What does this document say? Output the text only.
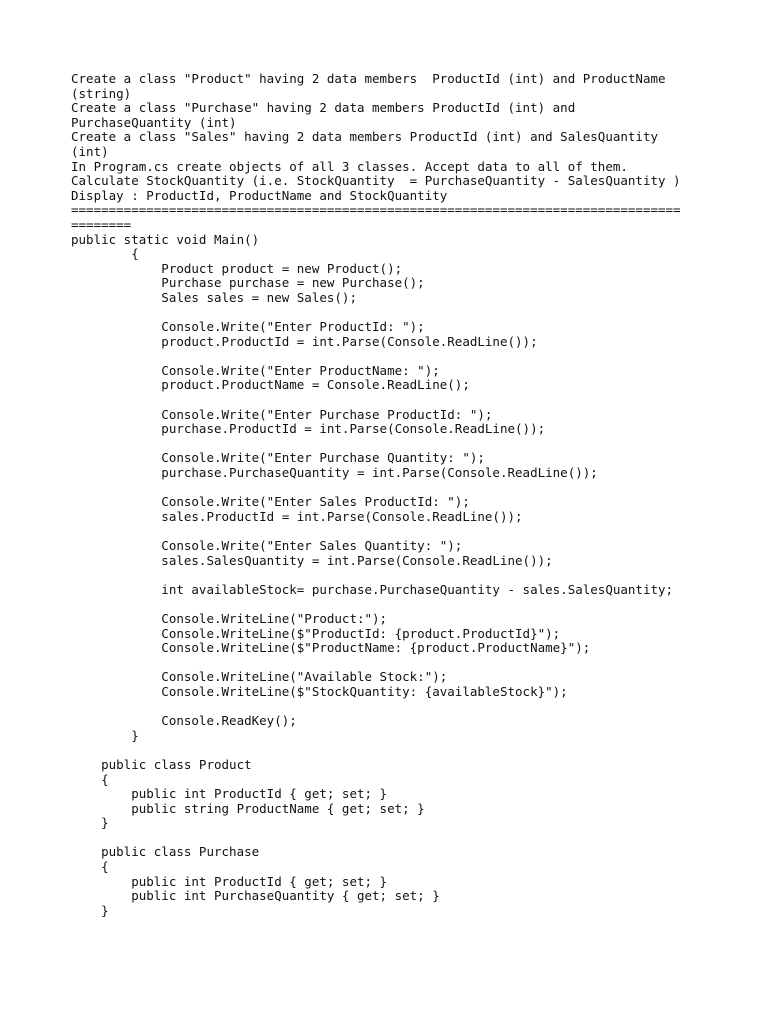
Create a class "Product" having 2 data members  ProductId (int) and ProductName
(string)
Create a class "Purchase" having 2 data members ProductId (int) and
PurchaseQuantity (int)
Create a class "Sales" having 2 data members ProductId (int) and SalesQuantity
(int)
In Program.cs create objects of all 3 classes. Accept data to all of them.
Calculate StockQuantity (i.e. StockQuantity  = PurchaseQuantity - SalesQuantity )
Display : ProductId, ProductName and StockQuantity
=================================================================================
========
public static void Main()
{
Product product = new Product();
Purchase purchase = new Purchase();
Sales sales = new Sales();
Console.Write("Enter ProductId: ");
product.ProductId = int.Parse(Console.ReadLine());
Console.Write("Enter ProductName: ");
product.ProductName = Console.ReadLine();
Console.Write("Enter Purchase ProductId: ");
purchase.ProductId = int.Parse(Console.ReadLine());
Console.Write("Enter Purchase Quantity: ");
purchase.PurchaseQuantity = int.Parse(Console.ReadLine());
Console.Write("Enter Sales ProductId: ");
sales.ProductId = int.Parse(Console.ReadLine());
Console.Write("Enter Sales Quantity: ");
sales.SalesQuantity = int.Parse(Console.ReadLine());
int availableStock= purchase.PurchaseQuantity - sales.SalesQuantity;
Console.WriteLine("Product:");
Console.WriteLine($"ProductId: {product.ProductId}");
Console.WriteLine($"ProductName: {product.ProductName}");
Console.WriteLine("Available Stock:");
Console.WriteLine($"StockQuantity: {availableStock}");
Console.ReadKey();
}
public class Product
{
public int ProductId { get; set; }
public string ProductName { get; set; }
}
public class Purchase
{
public int ProductId { get; set; }
public int PurchaseQuantity { get; set; }
}
